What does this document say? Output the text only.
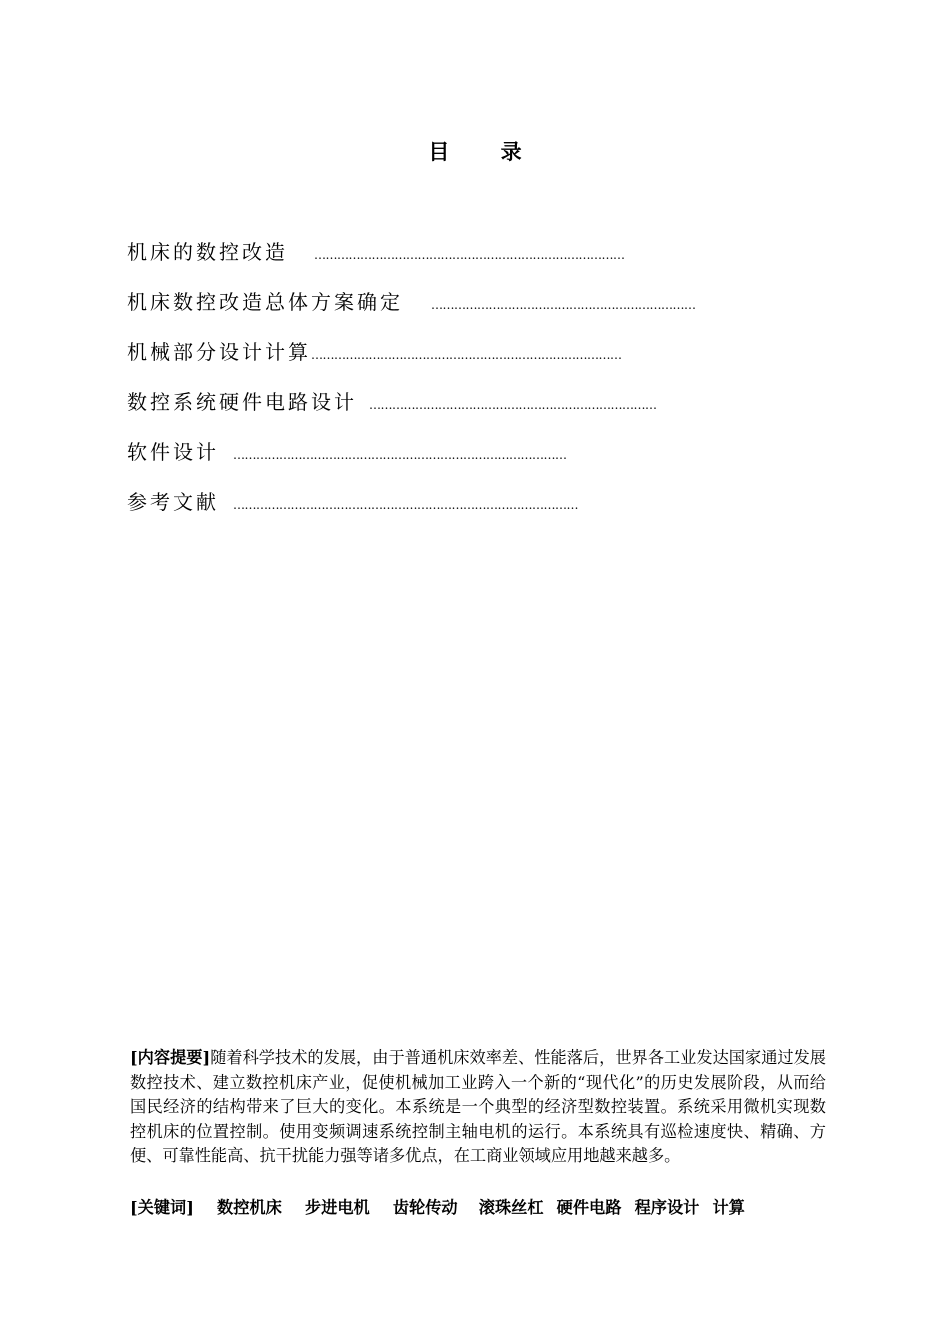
目 录
机床的数控改造 ………………………………………………………………………
机床数控改造总体方案确定 ……………………………………………………………
机械部分设计计算 ………………………………………………………………………
数控系统硬件电路设计 …………………………………………………………………
软件设计 ……………………………………………………………………………
参考文献 ………………………………………………………………………………
[内容提要]随着科学技术的发展，由于普通机床效率差、性能落后，世界各工业发达国家通过发展数控技术、建立数控机床产业，促使机械加工业跨入一个新的“现代化”的历史发展阶段，从而给国民经济的结构带来了巨大的变化。本系统是一个典型的经济型数控装置。系统采用微机实现数控机床的位置控制。使用变频调速系统控制主轴电机的运行。本系统具有巡检速度快、精确、方便、可靠性能高、抗干扰能力强等诸多优点，在工商业领域应用地越来越多。
[关键词] 数控机床 步进电机 齿轮传动 滚珠丝杠 硬件电路 程序设计 计算
